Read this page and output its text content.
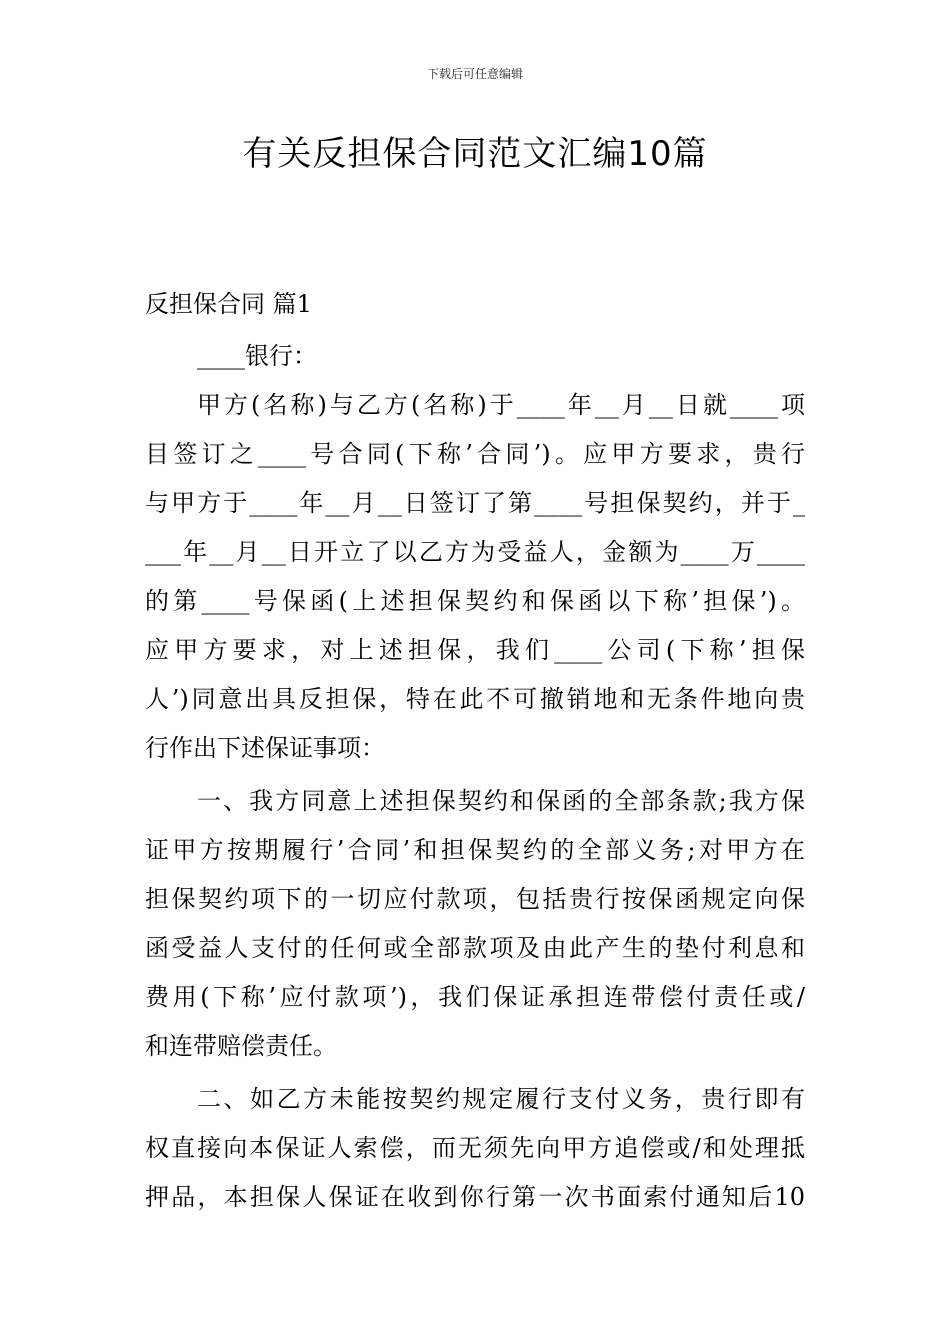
下载后可任意编辑
有关反担保合同范文汇编10篇
反担保合同 篇1
____银行：
甲方(名称)与乙方(名称)于____年__月__日就____项
目签订之____号合同(下称’合同’)。应甲方要求，贵行
与甲方于____年__月__日签订了第____号担保契约，并于_
___年__月__日开立了以乙方为受益人，金额为____万____
的第____号保函(上述担保契约和保函以下称’担保’)。
应甲方要求，对上述担保，我们____公司(下称’担保
人’)同意出具反担保，特在此不可撤销地和无条件地向贵
行作出下述保证事项：
一、我方同意上述担保契约和保函的全部条款;我方保
证甲方按期履行’合同’和担保契约的全部义务;对甲方在
担保契约项下的一切应付款项，包括贵行按保函规定向保
函受益人支付的任何或全部款项及由此产生的垫付利息和
费用(下称’应付款项’)，我们保证承担连带偿付责任或/
和连带赔偿责任。
二、如乙方未能按契约规定履行支付义务，贵行即有
权直接向本保证人索偿，而无须先向甲方追偿或/和处理抵
押品，本担保人保证在收到你行第一次书面索付通知后10
